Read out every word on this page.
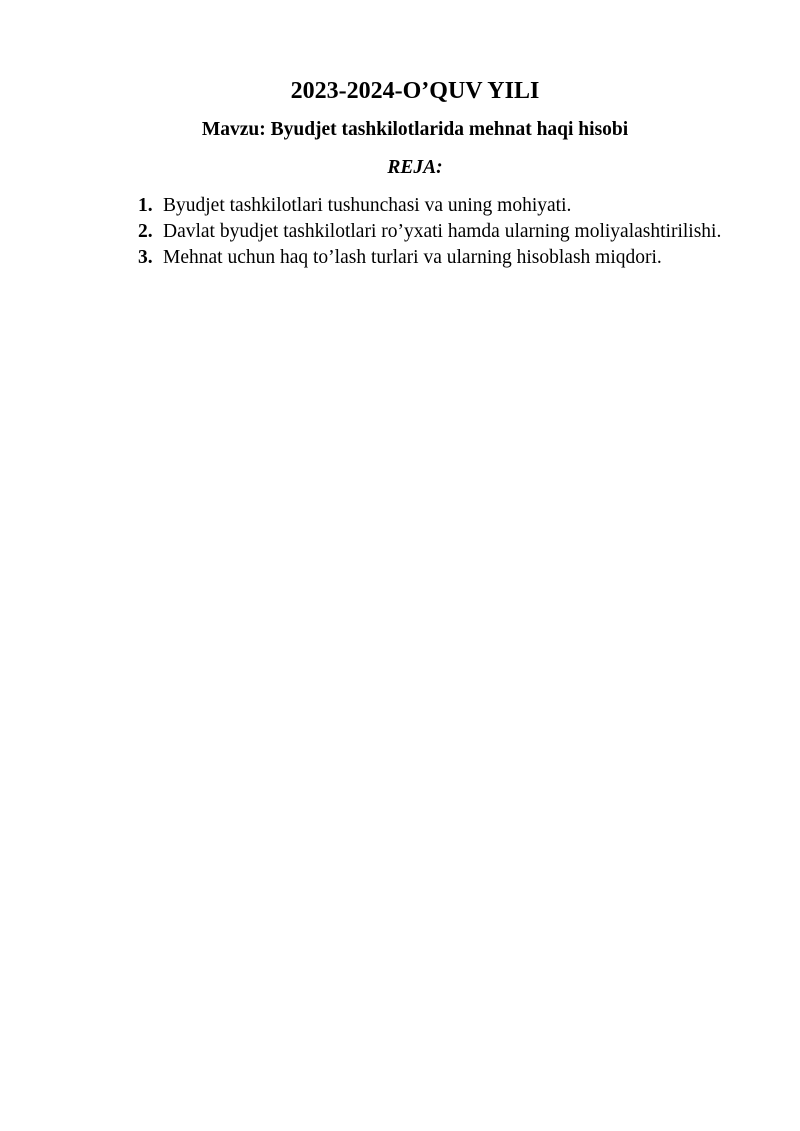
2023-2024-O’QUV YILI
Mavzu: Byudjet tashkilotlarida mehnat haqi hisobi
REJA:
1. Byudjet tashkilotlari tushunchasi va uning mohiyati.
2. Davlat byudjet tashkilotlari ro’yxati hamda ularning moliyalashtirilishi.
3. Mehnat uchun haq to’lash turlari va ularning hisoblash miqdori.
